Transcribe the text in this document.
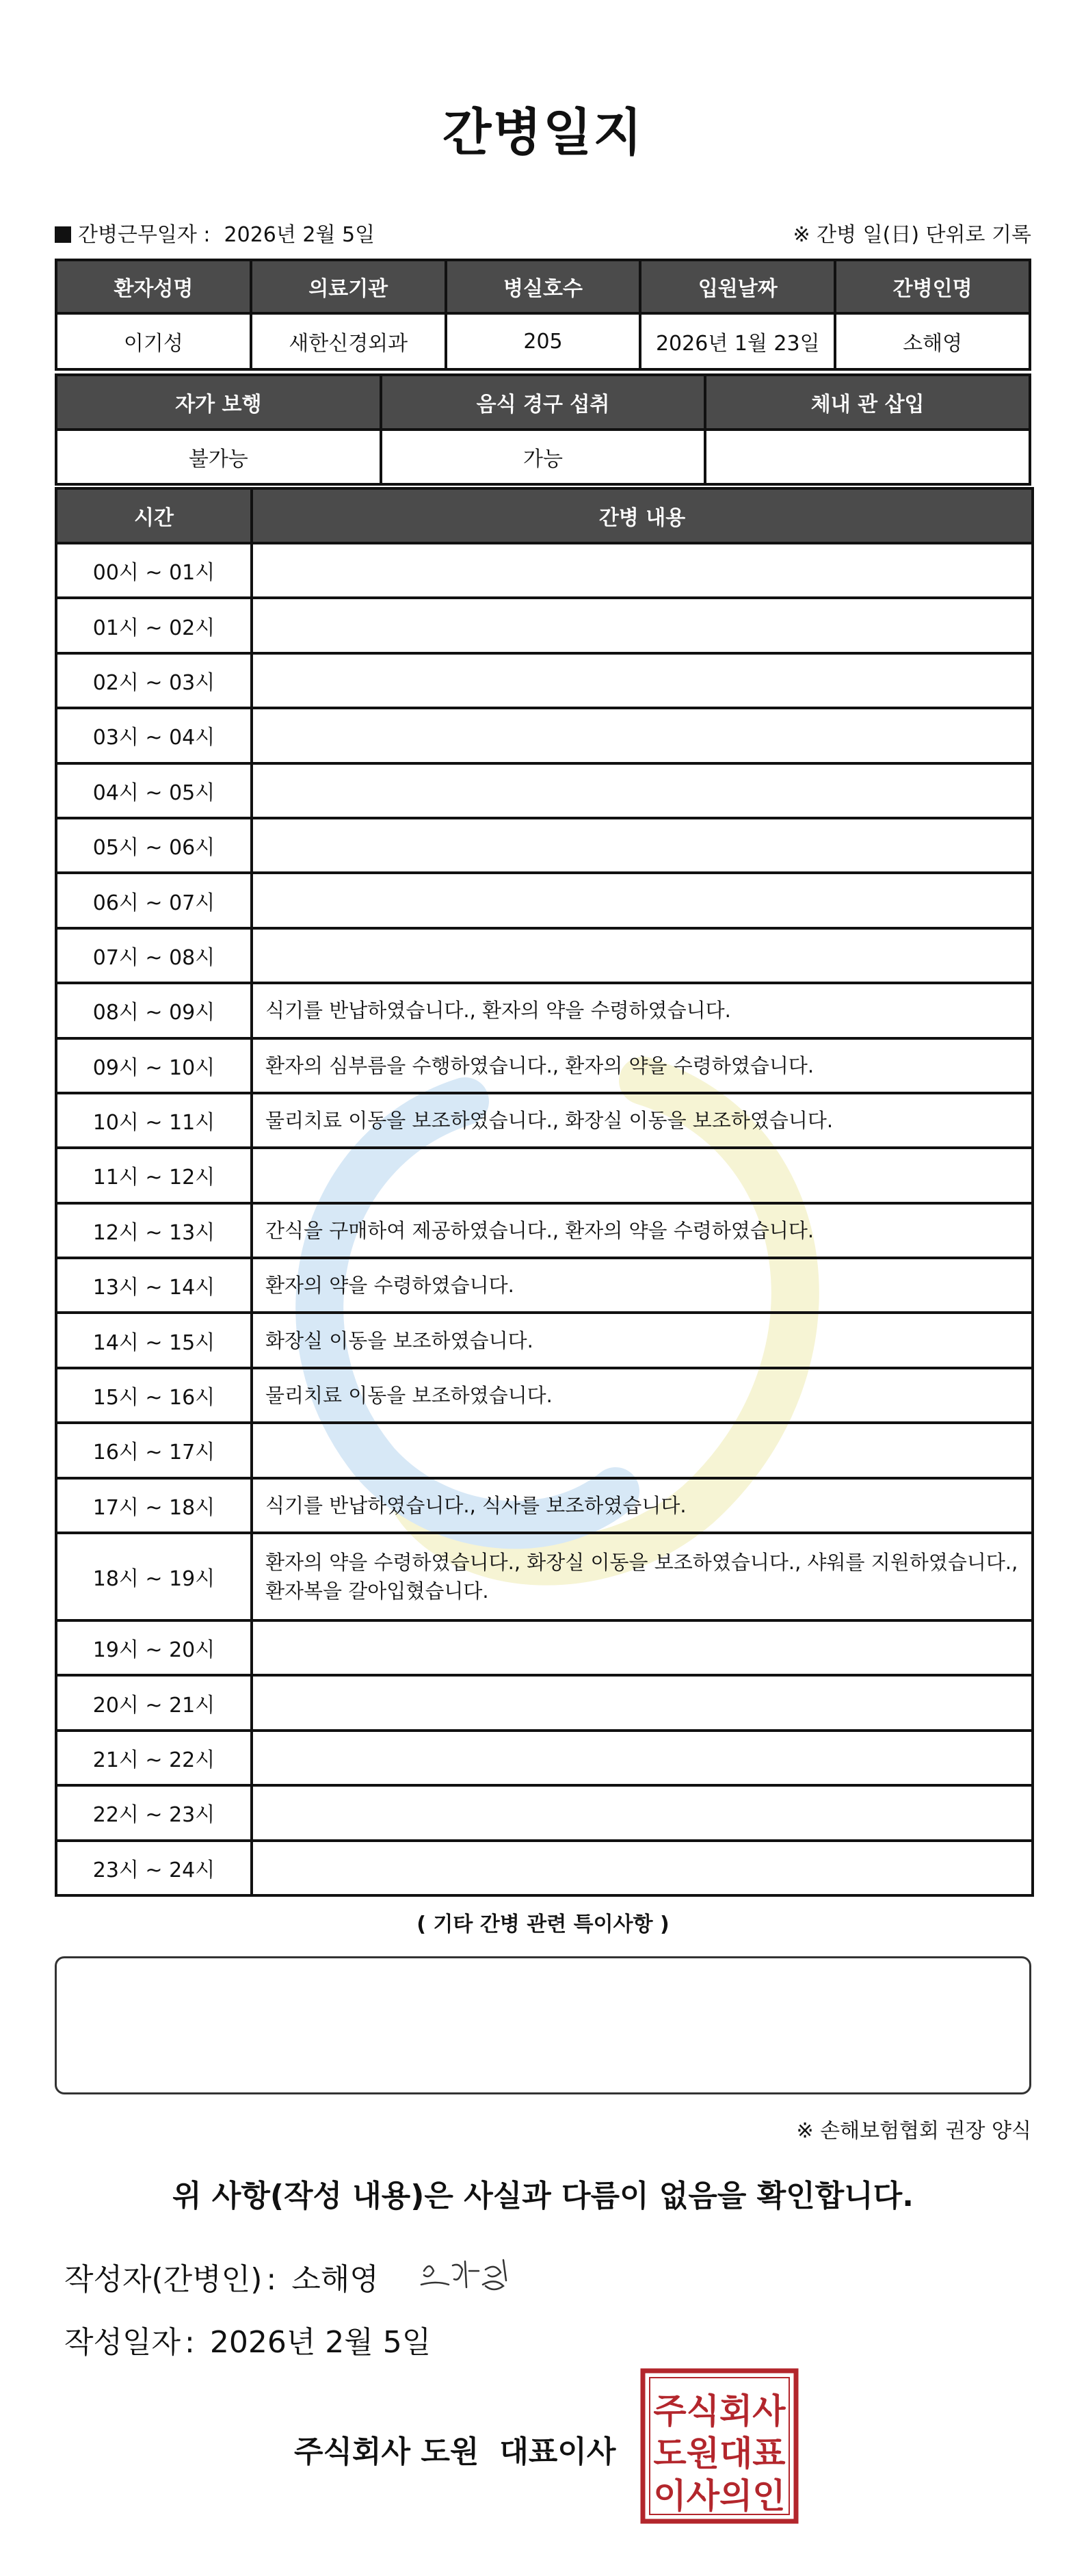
간병일지
간병근무일자 : 2026년 2월 5일	※ 간병 일(日) 단위로 기록
환자성명	의료기관	병실호수	입원날짜	간병인명
이기성	새한신경외과	205	2026년 1월 23일	소해영
자가 보행	음식 경구 섭취	체내 관 삽입
불가능	가능	
시간	간병 내용
00시 ~ 01시	
01시 ~ 02시	
02시 ~ 03시	
03시 ~ 04시	
04시 ~ 05시	
05시 ~ 06시	
06시 ~ 07시	
07시 ~ 08시	
08시 ~ 09시	식기를 반납하였습니다., 환자의 약을 수령하였습니다.
09시 ~ 10시	환자의 심부름을 수행하였습니다., 환자의 약을 수령하였습니다.
10시 ~ 11시	물리치료 이동을 보조하였습니다., 화장실 이동을 보조하였습니다.
11시 ~ 12시	
12시 ~ 13시	간식을 구매하여 제공하였습니다., 환자의 약을 수령하였습니다.
13시 ~ 14시	환자의 약을 수령하였습니다.
14시 ~ 15시	화장실 이동을 보조하였습니다.
15시 ~ 16시	물리치료 이동을 보조하였습니다.
16시 ~ 17시	
17시 ~ 18시	식기를 반납하였습니다., 식사를 보조하였습니다.
18시 ~ 19시	환자의 약을 수령하였습니다., 화장실 이동을 보조하였습니다., 샤워를 지원하였습니다., 환자복을 갈아입혔습니다.
19시 ~ 20시	
20시 ~ 21시	
21시 ~ 22시	
22시 ~ 23시	
23시 ~ 24시	
( 기타 간병 관련 특이사항 )
※ 손해보험협회 권장 양식
위 사항(작성 내용)은 사실과 다름이 없음을 확인합니다.
작성자(간병인) : 소해영
작성일자 : 2026년 2월 5일
주식회사 도원 대표이사
주식회사
도원대표
이사의인
